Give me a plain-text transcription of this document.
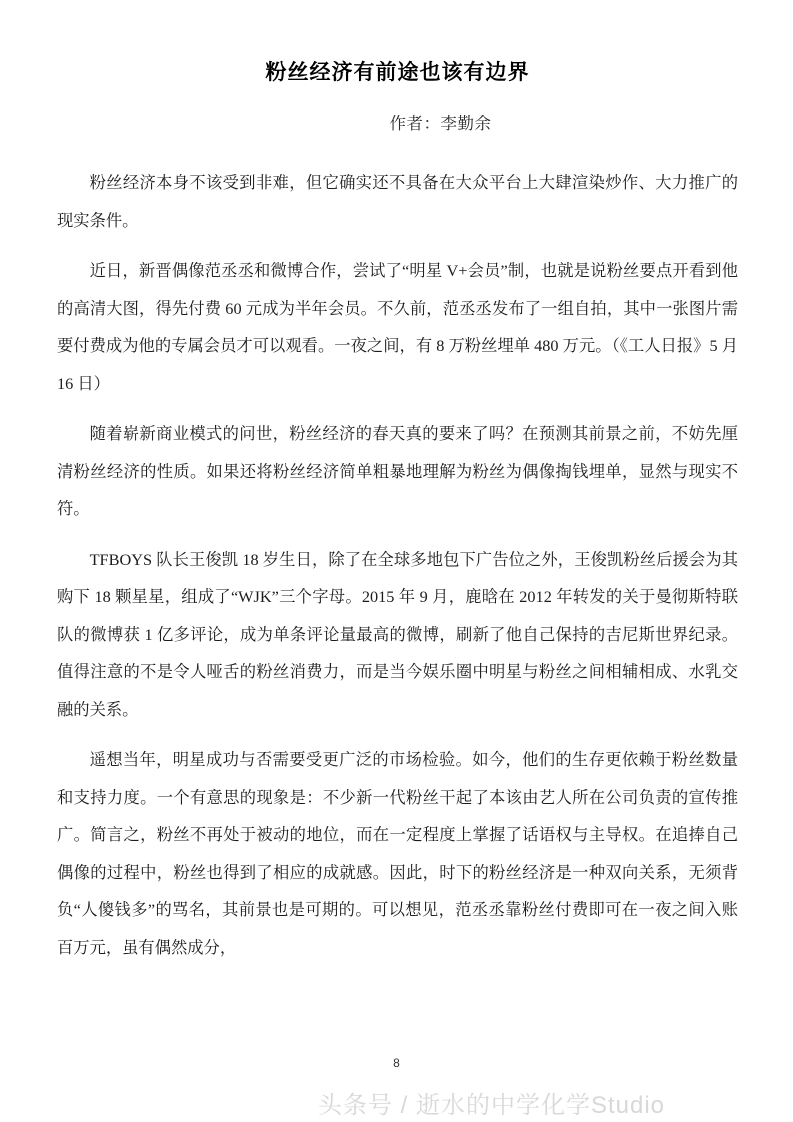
粉丝经济有前途也该有边界
作者：李勤余

粉丝经济本身不该受到非难，但它确实还不具备在大众平台上大肆渲染炒作、大力推广的现实条件。

近日，新晋偶像范丞丞和微博合作，尝试了“明星 V+会员”制，也就是说粉丝要点开看到他的高清大图，得先付费 60 元成为半年会员。不久前，范丞丞发布了一组自拍，其中一张图片需要付费成为他的专属会员才可以观看。一夜之间，有 8 万粉丝埋单 480 万元。（《工人日报》5 月 16 日）

随着崭新商业模式的问世，粉丝经济的春天真的要来了吗？在预测其前景之前，不妨先厘清粉丝经济的性质。如果还将粉丝经济简单粗暴地理解为粉丝为偶像掏钱埋单，显然与现实不符。

TFBOYS 队长王俊凯 18 岁生日，除了在全球多地包下广告位之外，王俊凯粉丝后援会为其购下 18 颗星星，组成了“WJK”三个字母。2015 年 9 月，鹿晗在 2012 年转发的关于曼彻斯特联队的微博获 1 亿多评论，成为单条评论量最高的微博，刷新了他自己保持的吉尼斯世界纪录。值得注意的不是令人哑舌的粉丝消费力，而是当今娱乐圈中明星与粉丝之间相辅相成、水乳交融的关系。

遥想当年，明星成功与否需要受更广泛的市场检验。如今，他们的生存更依赖于粉丝数量和支持力度。一个有意思的现象是：不少新一代粉丝干起了本该由艺人所在公司负责的宣传推广。简言之，粉丝不再处于被动的地位，而在一定程度上掌握了话语权与主导权。在追捧自己偶像的过程中，粉丝也得到了相应的成就感。因此，时下的粉丝经济是一种双向关系，无须背负“人傻钱多”的骂名，其前景也是可期的。可以想见，范丞丞靠粉丝付费即可在一夜之间入账百万元，虽有偶然成分，

8
头条号 / 逝水的中学化学Studio
